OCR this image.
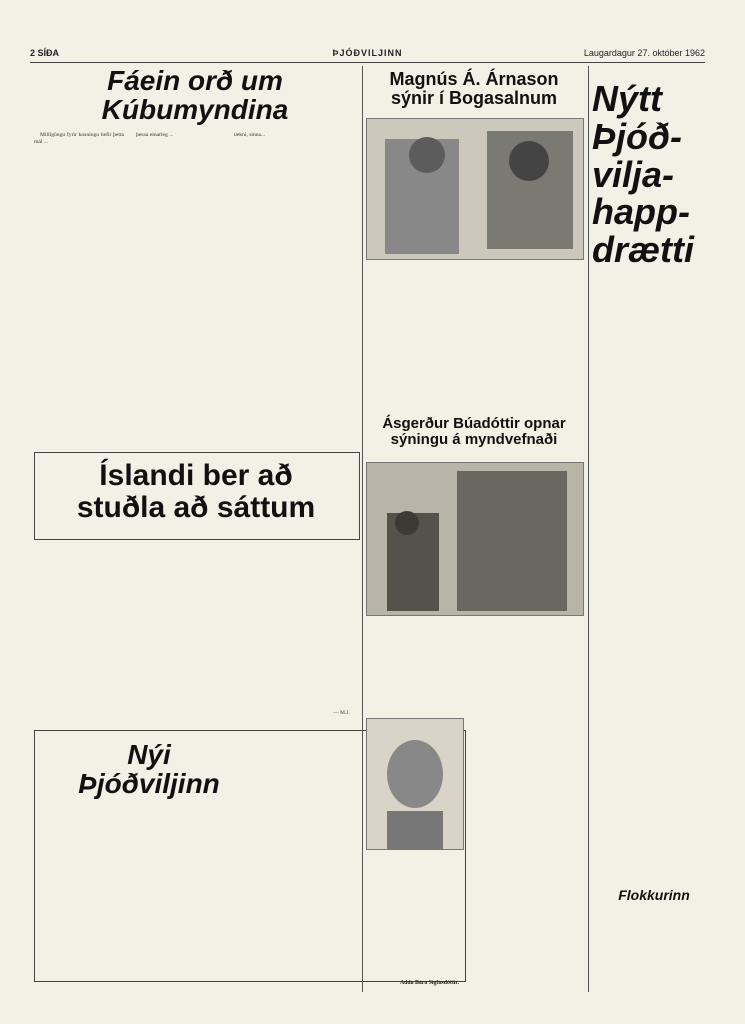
2 SÍÐA	ÞJÓÐVILJINN	Laugardagur 27. október 1962
Fáein orð um
Kúbumyndina

Milligöngu fyrir kosningu hefir þetta mál ...

þessu einarleg ...	tækni, sinna...

Íslandi ber að
stuðla að sáttum
— M.J.
Nýi Þjóðviljinn
Adda Bára Sigfúsdóttir.
Magnús Á. Árnason
sýnir í Bogasalnum
Ásgerður Búadóttir opnar
sýningu á myndvefnaði
Nýtt
Þjóð-
vilja-
happ-
drætti
Flokkurinn
